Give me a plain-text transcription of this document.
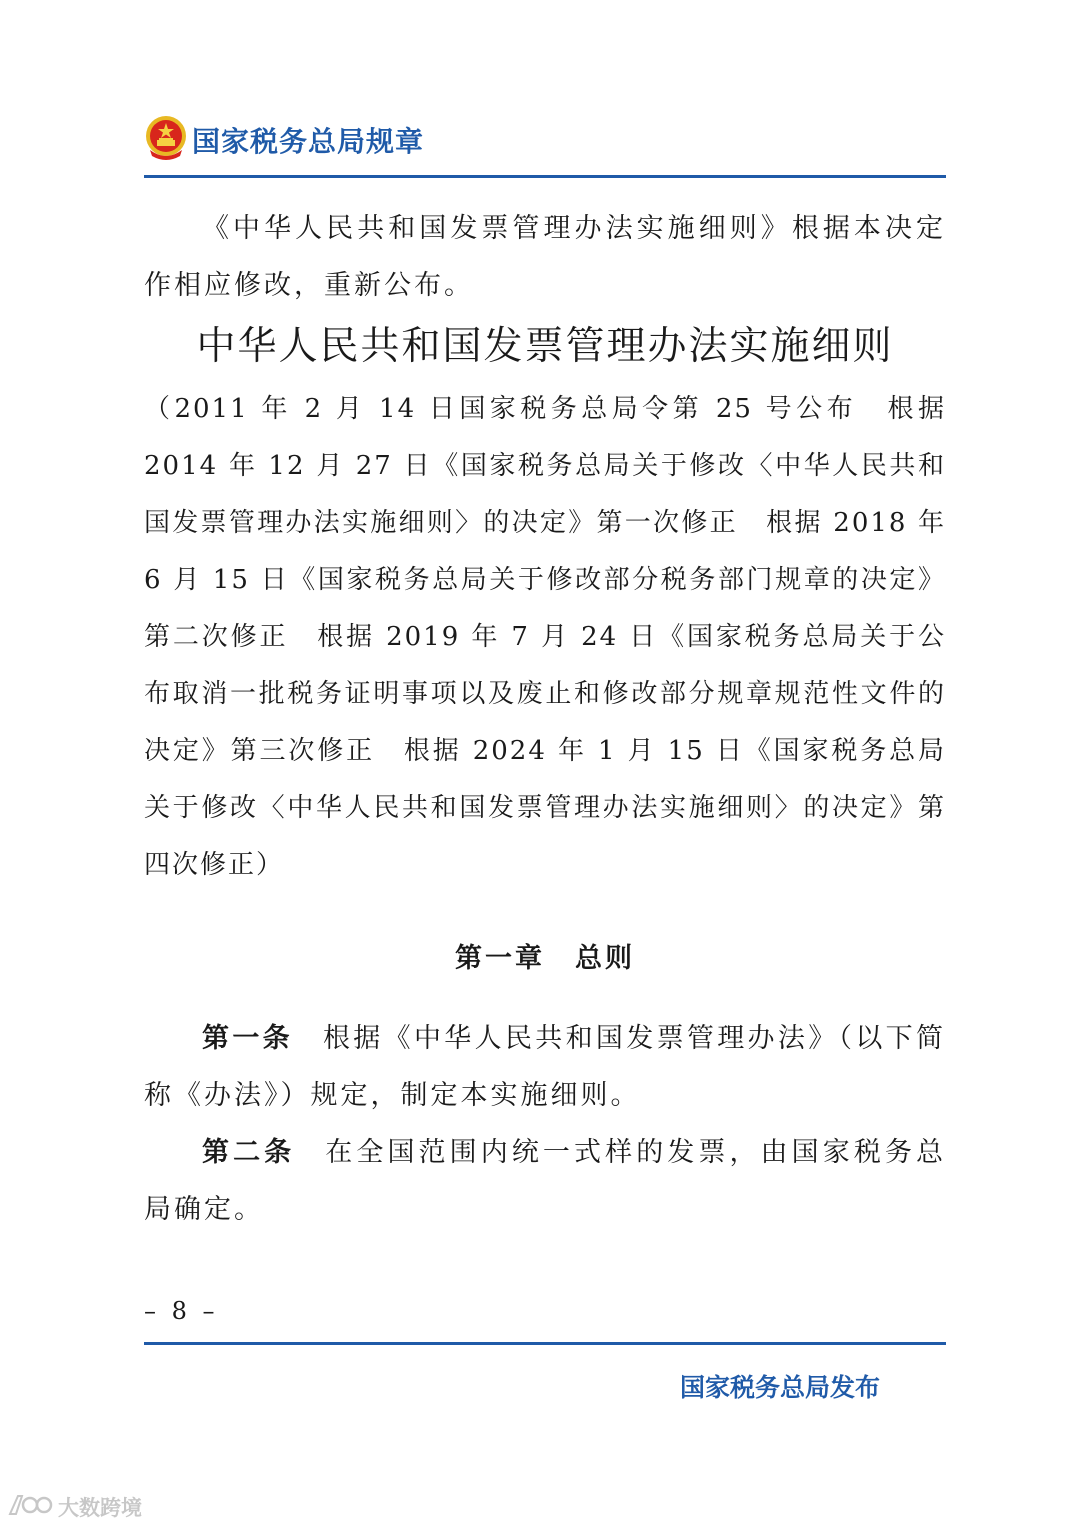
国家税务总局规章
《中华人民共和国发票管理办法实施细则》根据本决定作相应修改，重新公布。
中华人民共和国发票管理办法实施细则
（2011 年 2 月 14 日国家税务总局令第 25 号公布　根据 2014 年 12 月 27 日《国家税务总局关于修改〈中华人民共和国发票管理办法实施细则〉的决定》第一次修正　根据 2018 年 6 月 15 日《国家税务总局关于修改部分税务部门规章的决定》第二次修正　根据 2019 年 7 月 24 日《国家税务总局关于公布取消一批税务证明事项以及废止和修改部分规章规范性文件的决定》第三次修正　根据 2024 年 1 月 15 日《国家税务总局关于修改〈中华人民共和国发票管理办法实施细则〉的决定》第四次修正）
第一章　总则
第一条 根据《中华人民共和国发票管理办法》（以下简称《办法》）规定，制定本实施细则。
第二条 在全国范围内统一式样的发票，由国家税务总局确定。
– 8 –
国家税务总局发布
大数跨境
